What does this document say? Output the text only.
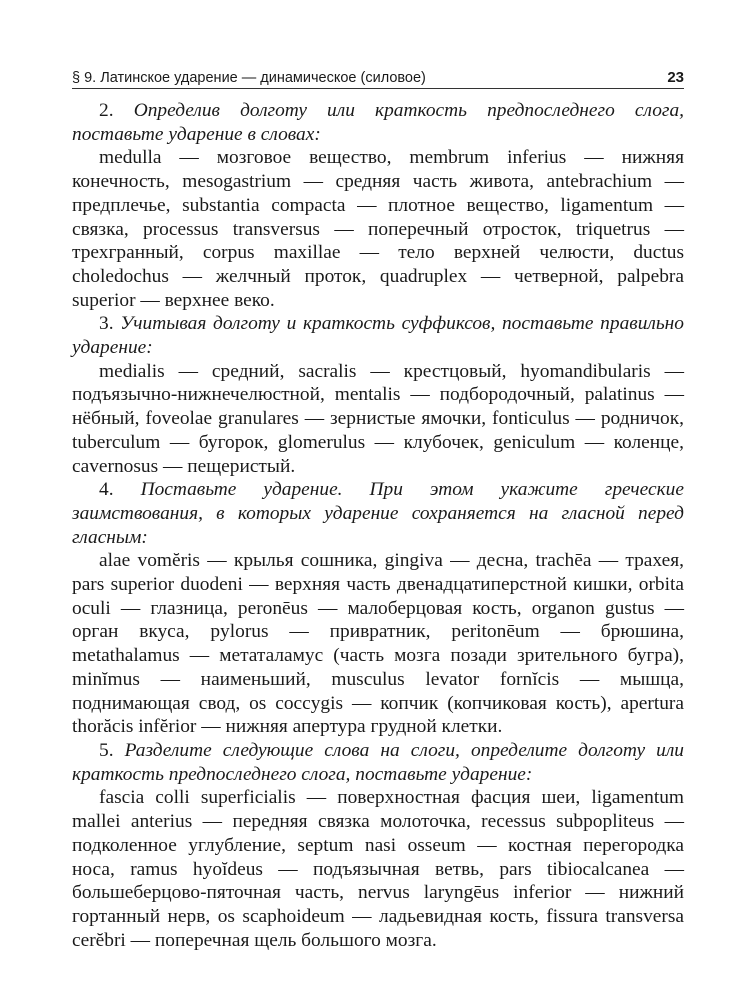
§ 9. Латинское ударение — динамическое (силовое)	23

2. Определив долготу или краткость предпоследнего слога, поставьте ударение в словах:

medulla — мозговое вещество, membrum inferius — нижняя конечность, mesogastrium — средняя часть живота, antebrachium — предплечье, substantia compacta — плотное вещество, ligamentum — связка, processus transversus — поперечный отросток, triquetrus — трехгранный, corpus maxillae — тело верхней челюсти, ductus choledochus — желчный проток, quadruplex — четверной, palpebra superior — верхнее веко.

3. Учитывая долготу и краткость суффиксов, поставьте правильно ударение:

medialis — средний, sacralis — крестцовый, hyomandibularis — подъязычно-нижнечелюстной, mentalis — подбородочный, palatinus — нёбный, foveolae granulares — зернистые ямочки, fonticulus — родничок, tuberculum — бугорок, glomerulus — клубочек, geniculum — коленце, cavernosus — пещеристый.

4. Поставьте ударение. При этом укажите греческие заимствования, в которых ударение сохраняется на гласной перед гласным:

alae vomĕris — крылья сошника, gingiva — десна, trachēa — трахея, pars superior duodeni — верхняя часть двенадцатиперстной кишки, orbita oculi — глазница, peronēus — малоберцовая кость, organon gustus — орган вкуса, pylorus — привратник, peritonēum — брюшина, metathalamus — метаталамус (часть мозга позади зрительного бугра), minĭmus — наименьший, musculus levator fornĭcis — мышца, поднимающая свод, os coccygis — копчик (копчиковая кость), apertura thorăcis infĕrior — нижняя апертура грудной клетки.

5. Разделите следующие слова на слоги, определите долготу или краткость предпоследнего слога, поставьте ударение:

fascia colli superficialis — поверхностная фасция шеи, ligamentum mallei anterius — передняя связка молоточка, recessus subpopliteus — подколенное углубление, septum nasi osseum — костная перегородка носа, ramus hyoĭdeus — подъязычная ветвь, pars tibiocalcanea — большеберцово-пяточная часть, nervus laryngēus inferior — нижний гортанный нерв, os scaphoideum — ладьевидная кость, fissura transversa cerĕbri — поперечная щель большого мозга.
